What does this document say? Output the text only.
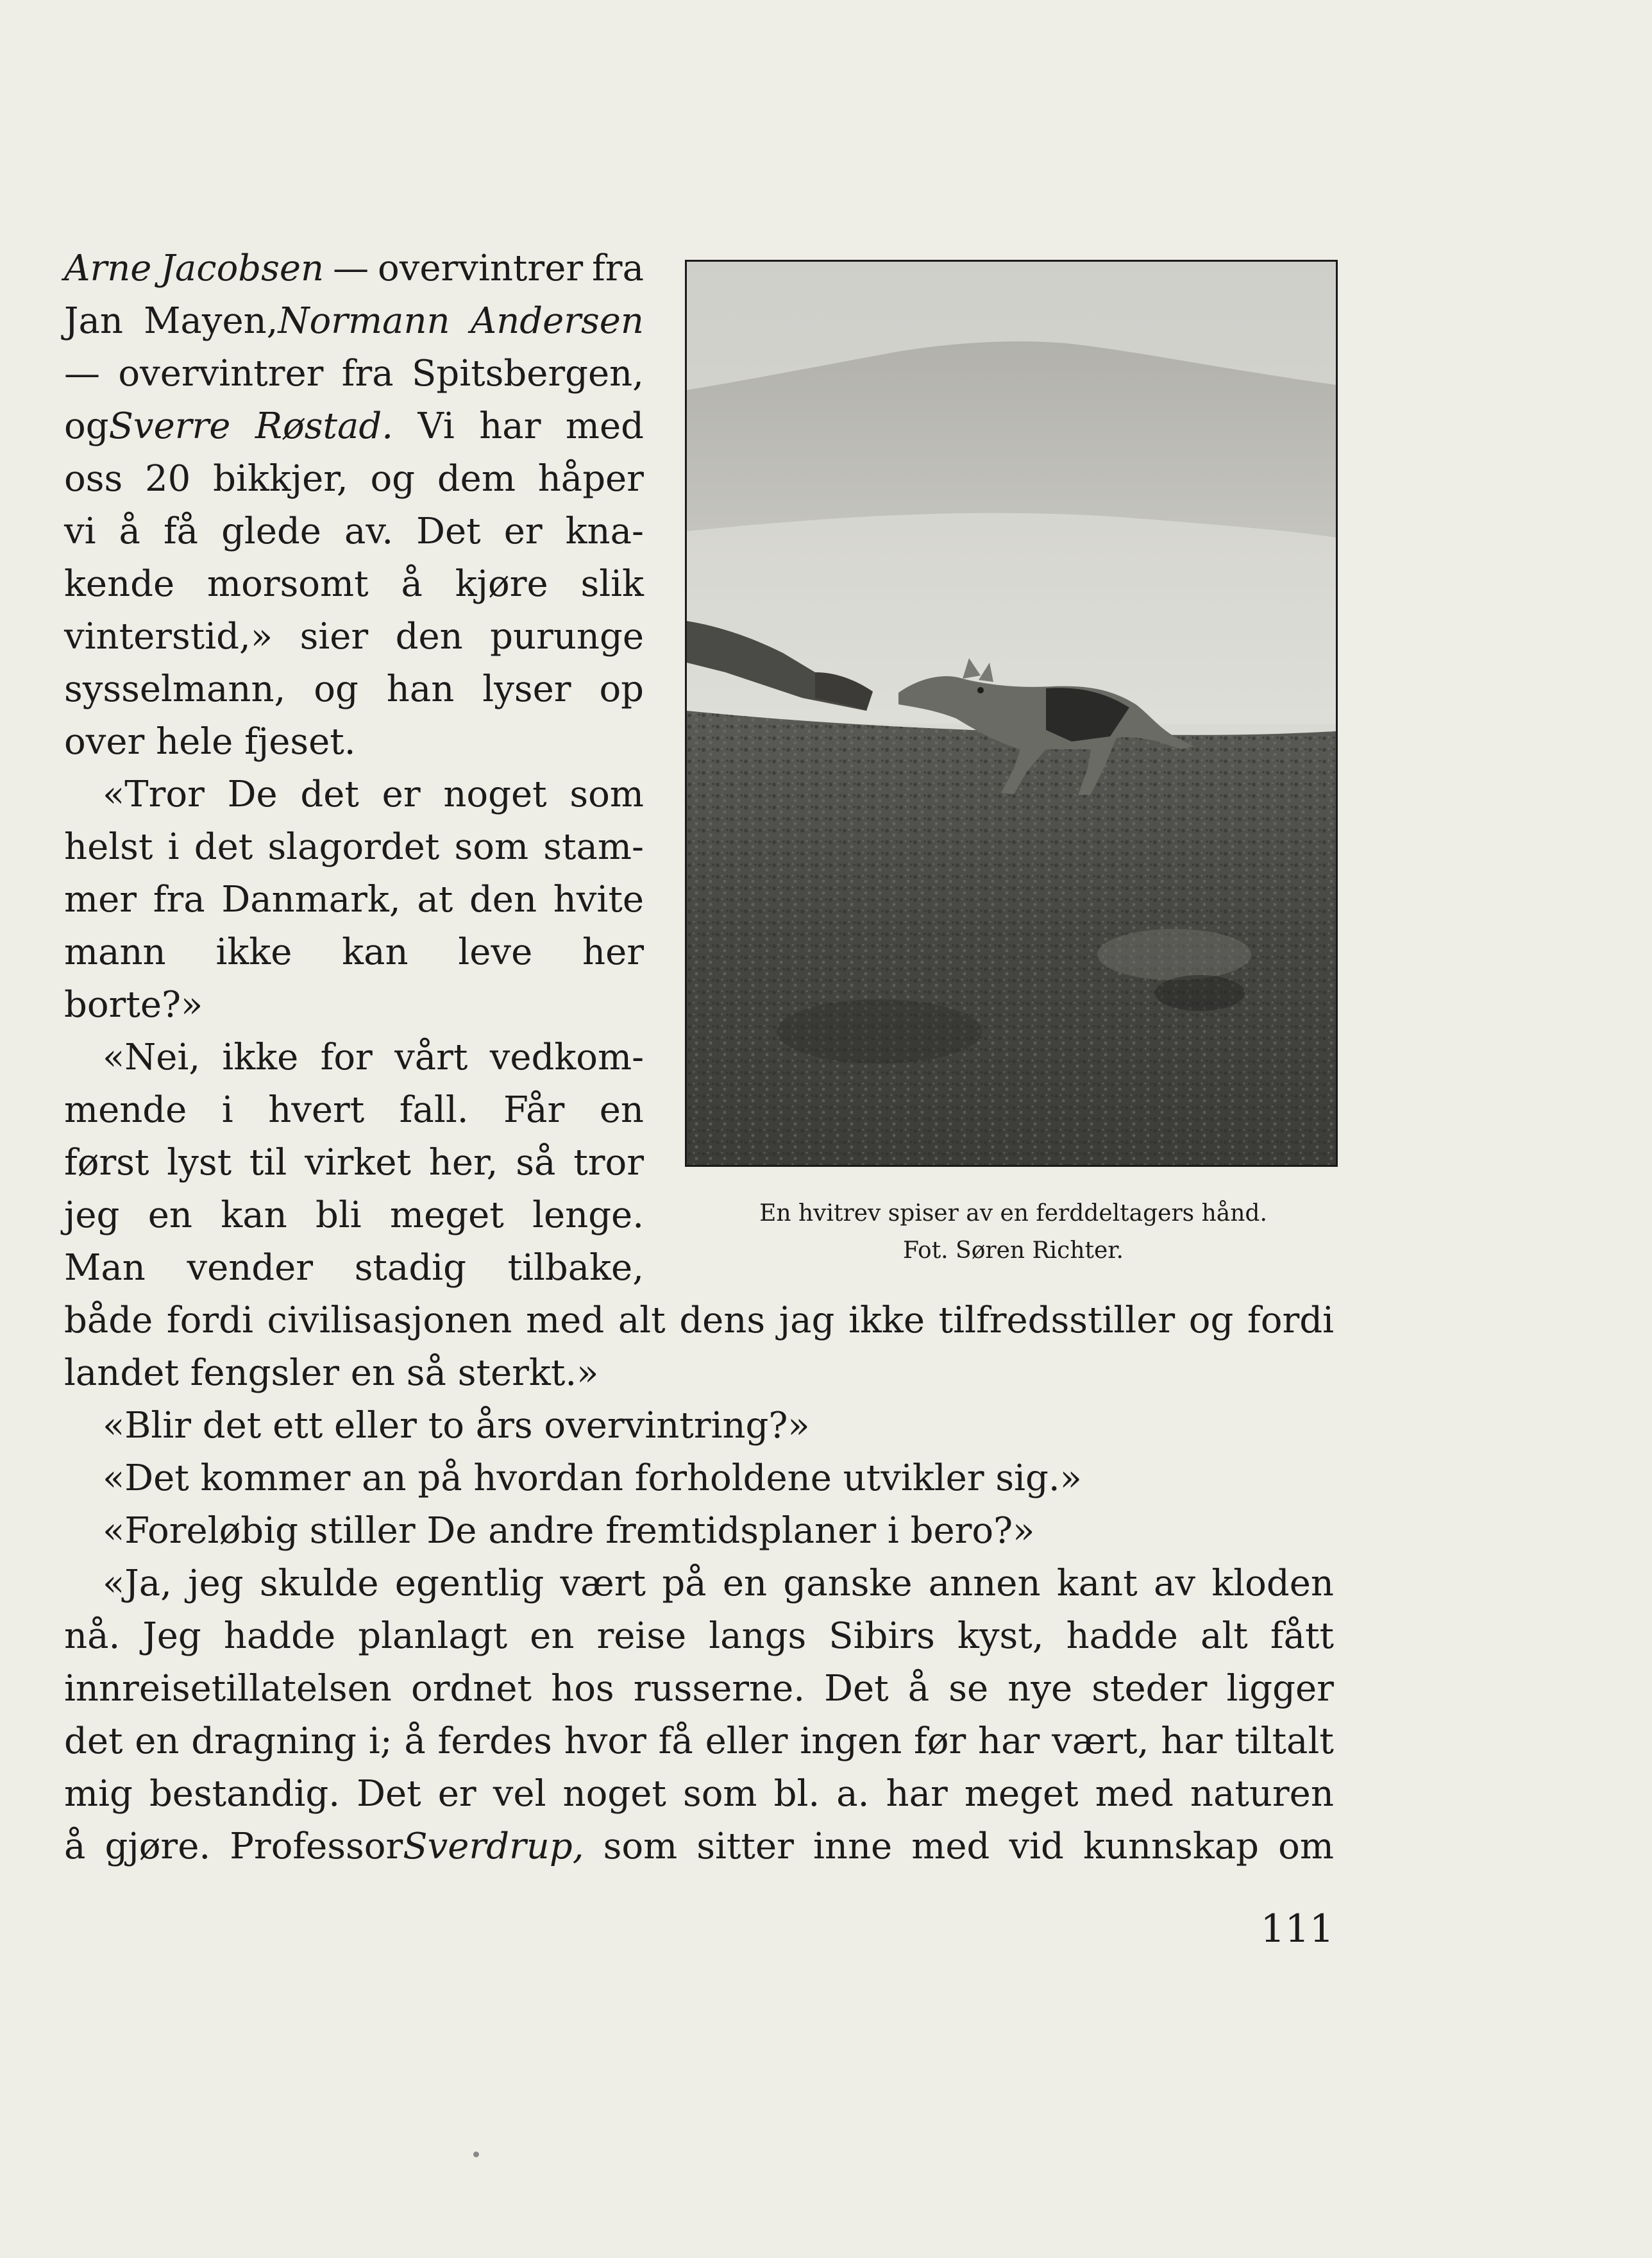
Arne Jacobsen — overvintrer fra
Jan Mayen,Normann Andersen
— overvintrer fra Spitsbergen,
ogSverre Røstad. Vi har med
oss 20 bikkjer, og dem håper
vi å få glede av. Det er kna-
kende morsomt å kjøre slik
vinterstid,» sier den purunge
sysselmann, og han lyser op
over hele fjeset.
«Tror De det er noget som
helst i det slagordet som stam-
mer fra Danmark, at den hvite
mann ikke kan leve her
borte?»
«Nei, ikke for vårt vedkom-
mende i hvert fall. Får en
først lyst til virket her, så tror
jeg en kan bli meget lenge.
Man vender stadig tilbake,
både fordi civilisasjonen med alt dens jag ikke tilfredsstiller og fordi
landet fengsler en så sterkt.»
«Blir det ett eller to års overvintring?»
«Det kommer an på hvordan forholdene utvikler sig.»
«Foreløbig stiller De andre fremtidsplaner i bero?»
«Ja, jeg skulde egentlig vært på en ganske annen kant av kloden
nå. Jeg hadde planlagt en reise langs Sibirs kyst, hadde alt fått
innreisetillatelsen ordnet hos russerne. Det å se nye steder ligger
det en dragning i; å ferdes hvor få eller ingen før har vært, har tiltalt
mig bestandig. Det er vel noget som bl. a. har meget med naturen
å gjøre. ProfessorSverdrup, som sitter inne med vid kunnskap om
En hvitrev spiser av en ferddeltagers hånd.
Fot. Søren Richter.
111
